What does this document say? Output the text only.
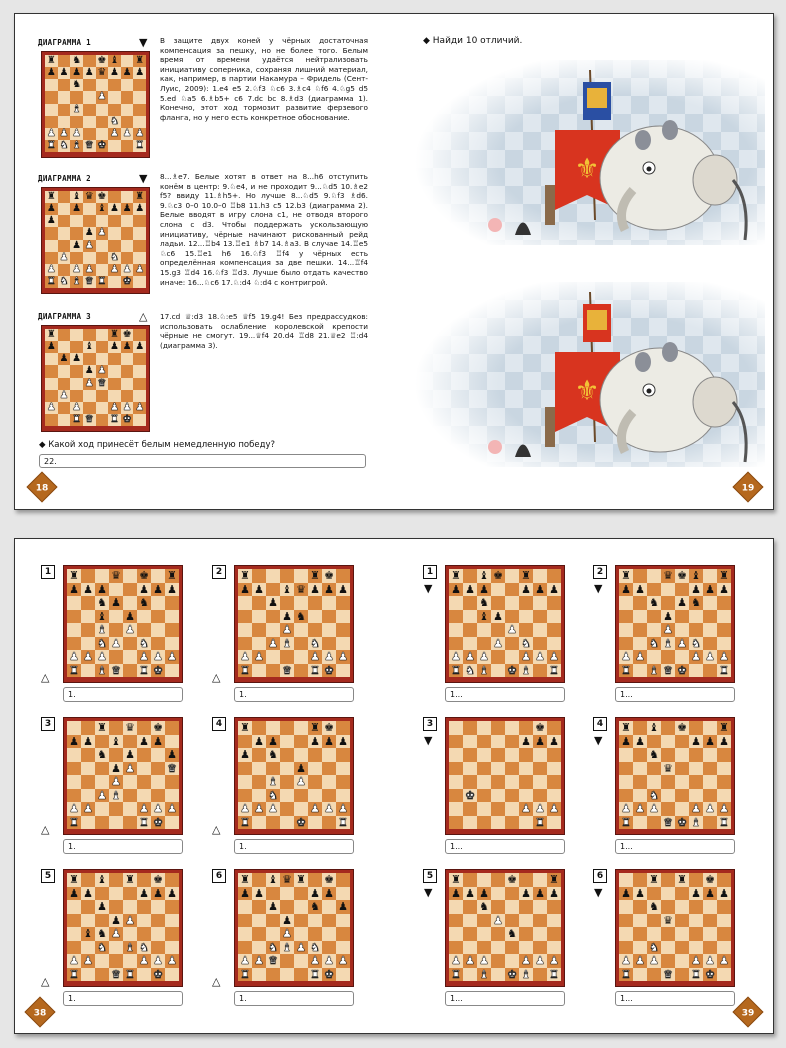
ДИАГРАММА 1	▼
♜ ♞ ♚ ♝ ♜
♟ ♟ ♟ ♟ ♛ ♟ ♟ ♟
♞
♟
♝
♞
♟ ♟ ♟	♟ ♟ ♟
♜ ♞ ♝ ♛ ♚	♜
В защите двух коней у чёрных достаточная компенсация за пешку, но не более того. Белым время от времени удаётся нейтрализовать инициативу соперника, сохраняя лишний материал, как, например, в партии Накамура – Фридель (Сент-Луис, 2009): 1.e4 e5 2.♘f3 ♘c6 3.♗c4 ♘f6 4.♘g5 d5 5.ed ♘a5 6.♗b5+ c6 7.dc bc 8.♗d3 (диаграмма 1). Конечно, этот ход тормозит развитие ферзевого фланга, но у него есть конкретное обоснование.
ДИАГРАММА 2	▼
♜ ♝ ♛ ♚	♜
♟ ♟ ♝ ♟ ♟ ♟
♟
♟ ♟
♟ ♟
♟	♞
♟ ♟ ♟ ♟ ♟ ♟
♜ ♞ ♝ ♛ ♜ ♚
8...♗e7. Белые хотят в ответ на 8...h6 отступить конём в центр: 9.♘e4, и не проходит 9...♘d5 10.♗e2 f5? ввиду 11.♗h5+. Но лучше 8...♘d5 9.♘f3 ♗d6. 9.♘c3 0–0 10.0–0 ♖b8 11.h3 c5 12.b3 (диаграмма 2). Белые вводят в игру слона c1, не отводя второго слона с d3. Чтобы поддержать ускользающую инициативу, чёрные начинают рискованный рейд ладьи. 12...♖b4 13.♖e1 ♗b7 14.♗a3. В случае 14.♖e5 ♘c6 15.♖e1 h6 16.♘f3 ♖f4 у чёрных есть определённая компенсация за две пешки. 14...♖f4 15.g3 ♖d4 16.♘f3 ♖d3. Лучше было отдать качество иначе: 16...♘c6 17.♘:d4 ♘:d4 с контригрой.
ДИАГРАММА 3	△
♜	♜ ♚
♟	♝ ♟ ♟ ♟
♟ ♟
♟ ♟
♟ ♛
♟
♟ ♟	♟ ♟ ♟
♜ ♛ ♜ ♚
17.cd ♕:d3 18.♘:e5 ♕f5 19.g4! Без предрассудков: использовать ослабление королевской крепости чёрные не смогут. 19...♕f4 20.d4 ♖d8 21.♕e2 ♖:d4 (диаграмма 3).
◆ Какой ход принесёт белым немедленную победу?
22.
18
◆ Найди 10 отличий.
⚜
⚜
19
1	♜	♛ ♚ ♜
♟ ♟ ♟	♟ ♟ ♟
♞ ♟ ♞
♝ ♟
♝ ♟
♞ ♟ ♞
♟ ♟ ♟	♟ ♟ ♟
♜ ♝ ♛ ♜ ♚
△
1.
2	♜	♜ ♚
♟ ♟ ♝ ♛ ♟ ♟ ♟
♟
♟ ♞
♟
♟ ♝ ♞
♟ ♟	♟ ♟ ♟
♜	♛ ♜ ♚
△
1.
3	♜ ♛ ♚
♟ ♟ ♝ ♟ ♟
♞ ♟	♟
♟ ♟	♛
♟
♟ ♝
♟ ♟	♟ ♟ ♟
♜	♜ ♚
△
1.
4	♜	♜ ♚
♟ ♟	♟ ♟ ♟
♟ ♞
♟
♝ ♟
♞
♟ ♟ ♟	♟ ♟ ♟
♜	♚	♜
△
1.
5	♜ ♝ ♜ ♚
♟ ♟	♟ ♟ ♟
♟
♟ ♟
♝ ♞ ♟
♞ ♝ ♞
♟ ♟	♟ ♟ ♟
♜	♛ ♜ ♚
△
1.
6	♜ ♝ ♛ ♜ ♚
♟ ♟	♟ ♟
♟	♞ ♟
♟
♟
♞ ♝ ♟ ♞
♟ ♟ ♛	♟ ♟ ♟
♜	♜ ♚
△
1.
38
1
▼
♜ ♝ ♚ ♜
♟ ♟ ♟	♟ ♟ ♟
♞
♝ ♟
♟
♟ ♞
♟ ♟ ♟	♟ ♟ ♟
♜ ♞ ♝ ♚ ♝ ♜
1...
2
▼
♜	♛ ♚ ♝ ♜
♟ ♟	♟ ♟ ♟
♞ ♟ ♞
♟
♟
♞ ♝ ♟ ♞
♟ ♟	♟ ♟ ♟
♜ ♝ ♛ ♚	♜
1...
3
▼
♚
♟ ♟ ♟
♚
♟ ♟ ♟
♜
1...
4
▼
♜ ♝ ♚	♜
♟ ♟	♟ ♟ ♟
♞
♛
♞
♟ ♟ ♟	♟ ♟ ♟
♜	♛ ♚ ♝ ♜
1...
5
▼
♜	♚	♜
♟ ♟ ♟	♟ ♟ ♟
♞
♟
♞
♟ ♟ ♟	♟ ♟ ♟
♜ ♝ ♚ ♝ ♜
1...
6
▼
♜ ♜ ♚
♟ ♟	♟ ♟ ♟
♞
♛
♞
♟ ♟ ♟	♟ ♟ ♟
♜	♛ ♜ ♚
1...
39
